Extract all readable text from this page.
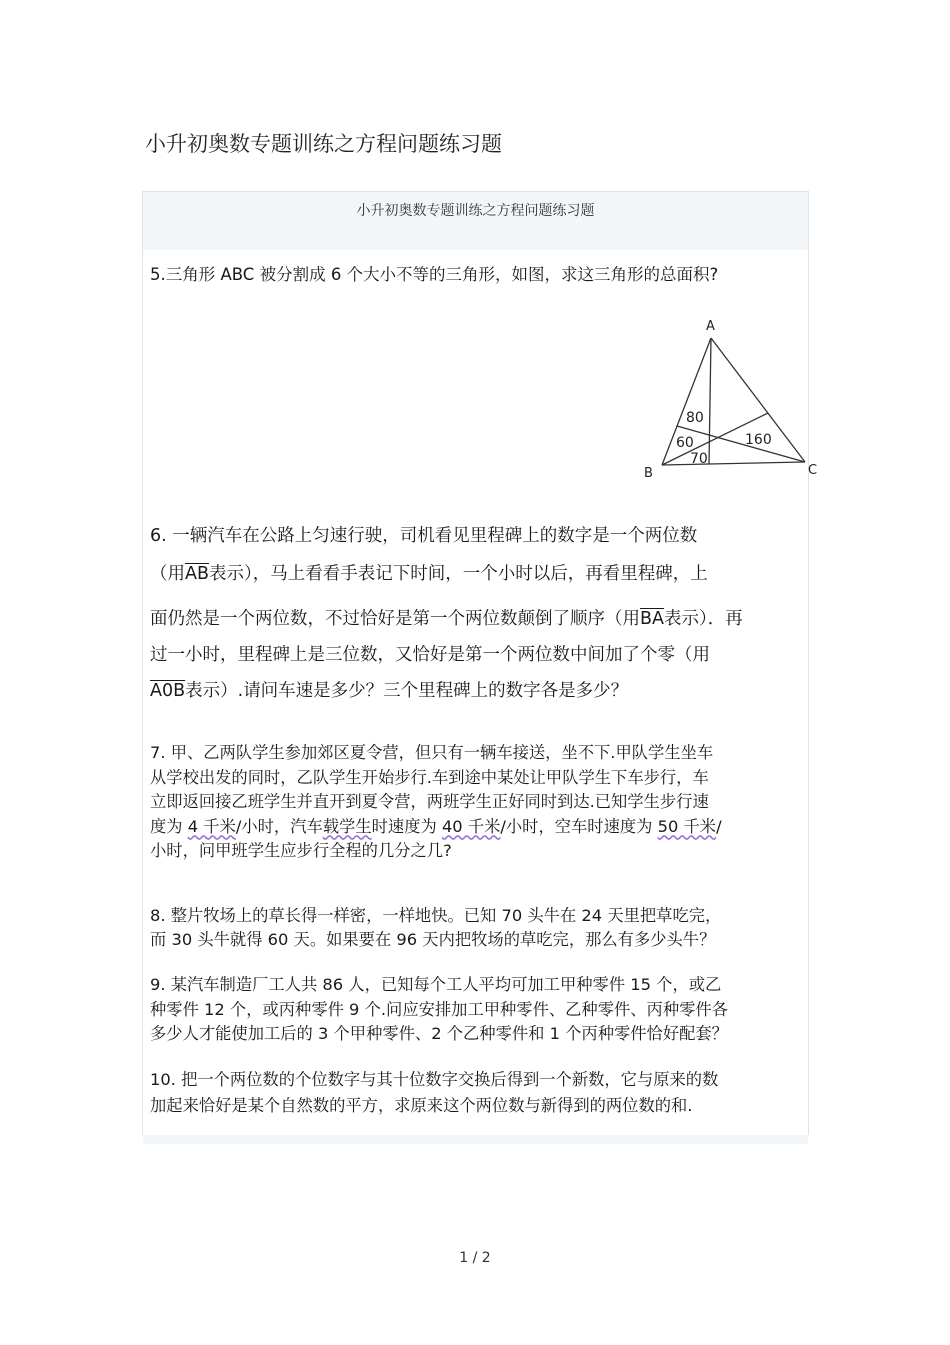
小升初奥数专题训练之方程问题练习题
小升初奥数专题训练之方程问题练习题
5.三角形 ABC 被分割成 6 个大小不等的三角形，如图，求这三角形的总面积?
A
B	C
80
60
70
160
6. 一辆汽车在公路上匀速行驶，司机看见里程碑上的数字是一个两位数
（用$\overline{AB}$表示），马上看看手表记下时间，一个小时以后，再看里程碑，上
面仍然是一个两位数，不过恰好是第一个两位数颠倒了顺序（用$\overline{BA}$表示）．再
过一小时，里程碑上是三位数，又恰好是第一个两位数中间加了个零（用
A0B表示）.请问车速是多少？三个里程碑上的数字各是多少？
7. 甲、乙两队学生参加郊区夏令营，但只有一辆车接送，坐不下.甲队学生坐车
从学校出发的同时，乙队学生开始步行.车到途中某处让甲队学生下车步行，车
立即返回接乙班学生并直开到夏令营，两班学生正好同时到达.已知学生步行速
度为 4 千米/小时，汽车载学生时速度为 40 千米/小时，空车时速度为 50 千米/
小时，问甲班学生应步行全程的几分之几?
8. 整片牧场上的草长得一样密，一样地快。已知 70 头牛在 24 天里把草吃完，
而 30 头牛就得 60 天。如果要在 96 天内把牧场的草吃完，那么有多少头牛？
9. 某汽车制造厂工人共 86 人，已知每个工人平均可加工甲种零件 15 个，或乙
种零件 12 个，或丙种零件 9 个.问应安排加工甲种零件、乙种零件、丙种零件各
多少人才能使加工后的 3 个甲种零件、2 个乙种零件和 1 个丙种零件恰好配套？
10. 把一个两位数的个位数字与其十位数字交换后得到一个新数，它与原来的数
加起来恰好是某个自然数的平方，求原来这个两位数与新得到的两位数的和.
1 / 2
